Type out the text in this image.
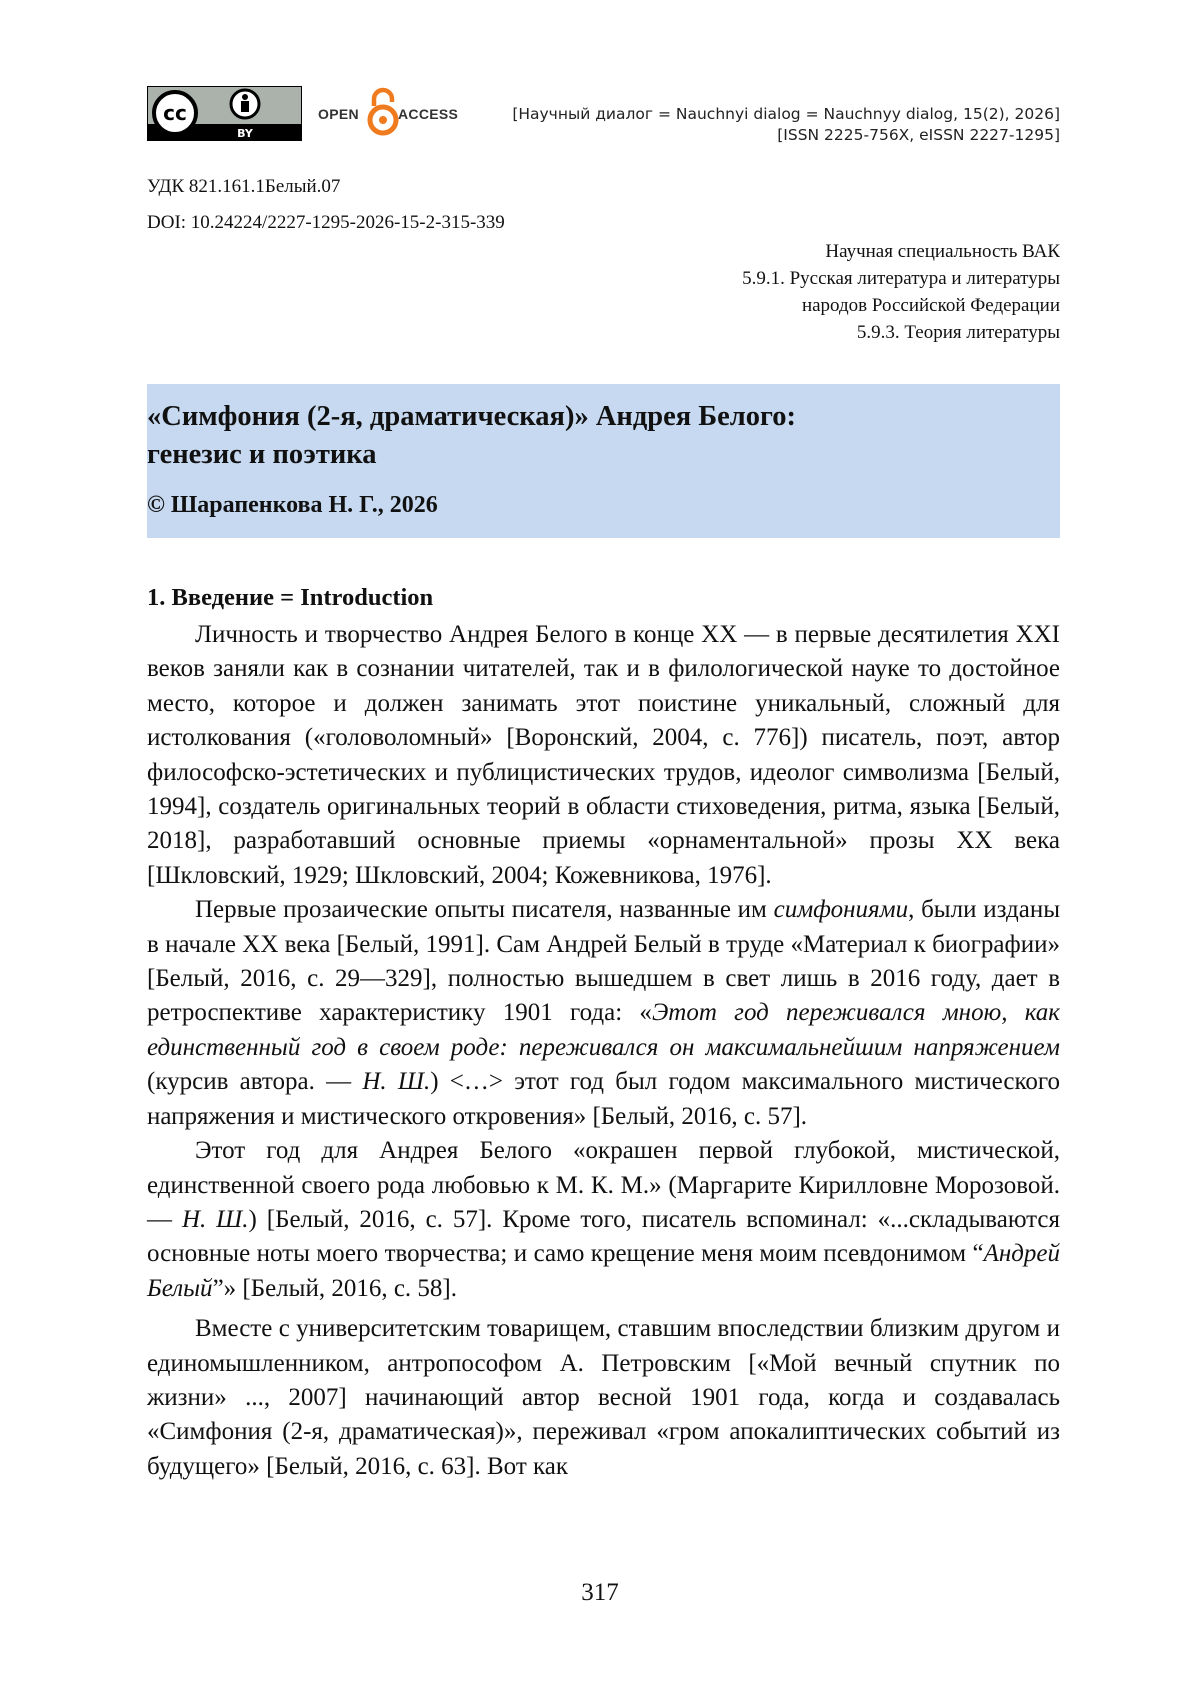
cc
BY
OPEN	ACCESS	[Научный диалог = Nauchnyi dialog = Nauchnyy dialog, 15(2), 2026]
[ISSN 2225-756X, eISSN 2227-1295]
УДК 821.161.1Белый.07
DOI: 10.24224/2227-1295-2026-15-2-315-339
Научная специальность ВАК
5.9.1. Русская литература и литературы
народов Российской Федерации
5.9.3. Теория литературы
«Симфония (2-я, драматическая)» Андрея Белого:
генезис и поэтика
© Шарапенкова Н. Г., 2026
1. Введение = Introduction

Личность и творчество Андрея Белого в конце XX — в первые десятилетия XXI веков заняли как в сознании читателей, так и в филологической науке то достойное место, которое и должен занимать этот поистине уникальный, сложный для истолкования («головоломный» [Воронский, 2004, с. 776]) писатель, поэт, автор философско-эстетических и публицистических трудов, идеолог символизма [Белый, 1994], создатель оригинальных теорий в области стиховедения, ритма, языка [Белый, 2018], разработавший основные приемы «орнаментальной» прозы XX века [Шкловский, 1929; Шкловский, 2004; Кожевникова, 1976].

Первые прозаические опыты писателя, названные им симфониями, были изданы в начале XX века [Белый, 1991]. Сам Андрей Белый в труде «Материал к биографии» [Белый, 2016, с. 29—329], полностью вышедшем в свет лишь в 2016 году, дает в ретроспективе характеристику 1901 года: «Этот год переживался мною, как единственный год в своем роде: переживался он максимальнейшим напряжением (курсив автора. — Н. Ш.) <…> этот год был годом максимального мистического напряжения и мистического откровения» [Белый, 2016, с. 57].

Этот год для Андрея Белого «окрашен первой глубокой, мистической, единственной своего рода любовью к М. К. М.» (Маргарите Кирилловне Морозовой. — Н. Ш.) [Белый, 2016, с. 57]. Кроме того, писатель вспоминал: «...складываются основные ноты моего творчества; и само крещение меня моим псевдонимом “Андрей Белый”» [Белый, 2016, с. 58].

Вместе с университетским товарищем, ставшим впоследствии близким другом и единомышленником, антропософом А. Петровским [«Мой вечный спутник по жизни» ..., 2007] начинающий автор весной 1901 года, когда и создавалась «Симфония (2-я, драматическая)», переживал «гром апокалиптических событий из будущего» [Белый, 2016, с. 63]. Вот как

317
